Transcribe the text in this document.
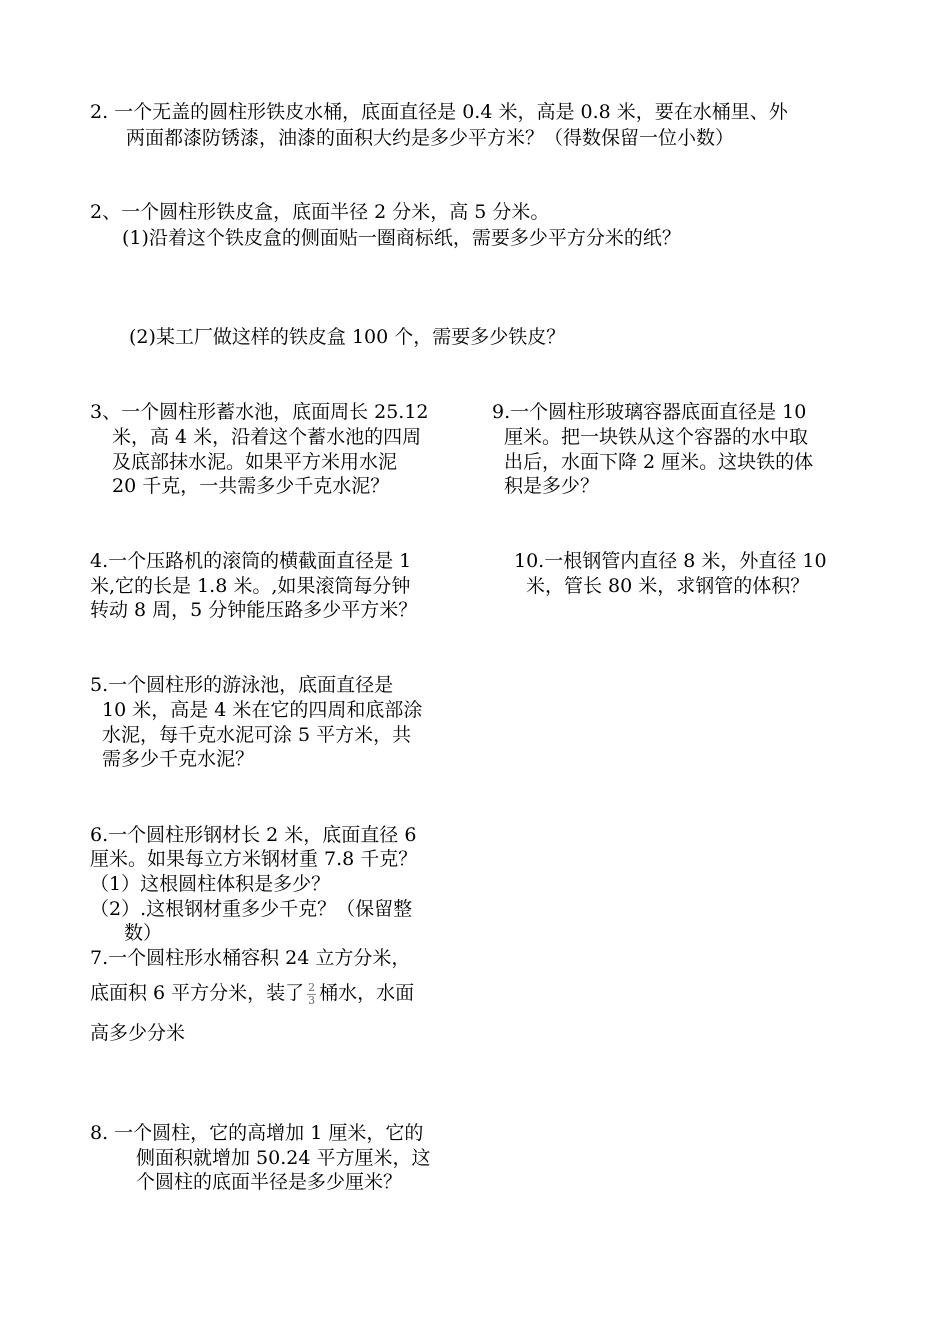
2. 一个无盖的圆柱形铁皮水桶，底面直径是 0.4 米，高是 0.8 米，要在水桶里、外
两面都漆防锈漆，油漆的面积大约是多少平方米？（得数保留一位小数）
2、一个圆柱形铁皮盒，底面半径 2 分米，高 5 分米。
(1)沿着这个铁皮盒的侧面贴一圈商标纸，需要多少平方分米的纸？
(2)某工厂做这样的铁皮盒 100 个，需要多少铁皮？
3、一个圆柱形蓄水池，底面周长 25.12
米，高 4 米，沿着这个蓄水池的四周
及底部抹水泥。如果平方米用水泥
20 千克，一共需多少千克水泥？
9.一个圆柱形玻璃容器底面直径是 10
厘米。把一块铁从这个容器的水中取
出后，水面下降 2 厘米。这块铁的体
积是多少？
4.一个压路机的滚筒的横截面直径是 1
米,它的长是 1.8 米。,如果滚筒每分钟
转动 8 周，5 分钟能压路多少平方米？
10.一根钢管内直径 8 米，外直径 10
米，管长 80 米，求钢管的体积？
5.一个圆柱形的游泳池，底面直径是
10 米，高是 4 米在它的四周和底部涂
水泥，每千克水泥可涂 5 平方米，共
需多少千克水泥？
6.一个圆柱形钢材长 2 米，底面直径 6
厘米。如果每立方米钢材重 7.8 千克？
（1）这根圆柱体积是多少？
（2）.这根钢材重多少千克？（保留整
数）
7.一个圆柱形水桶容积 24 立方分米，
底面积 6 平方分米，装了 $\frac{2}{3}$ 桶水，水面
高多少分米
8. 一个圆柱，它的高增加 1 厘米，它的
侧面积就增加 50.24 平方厘米，这
个圆柱的底面半径是多少厘米？
